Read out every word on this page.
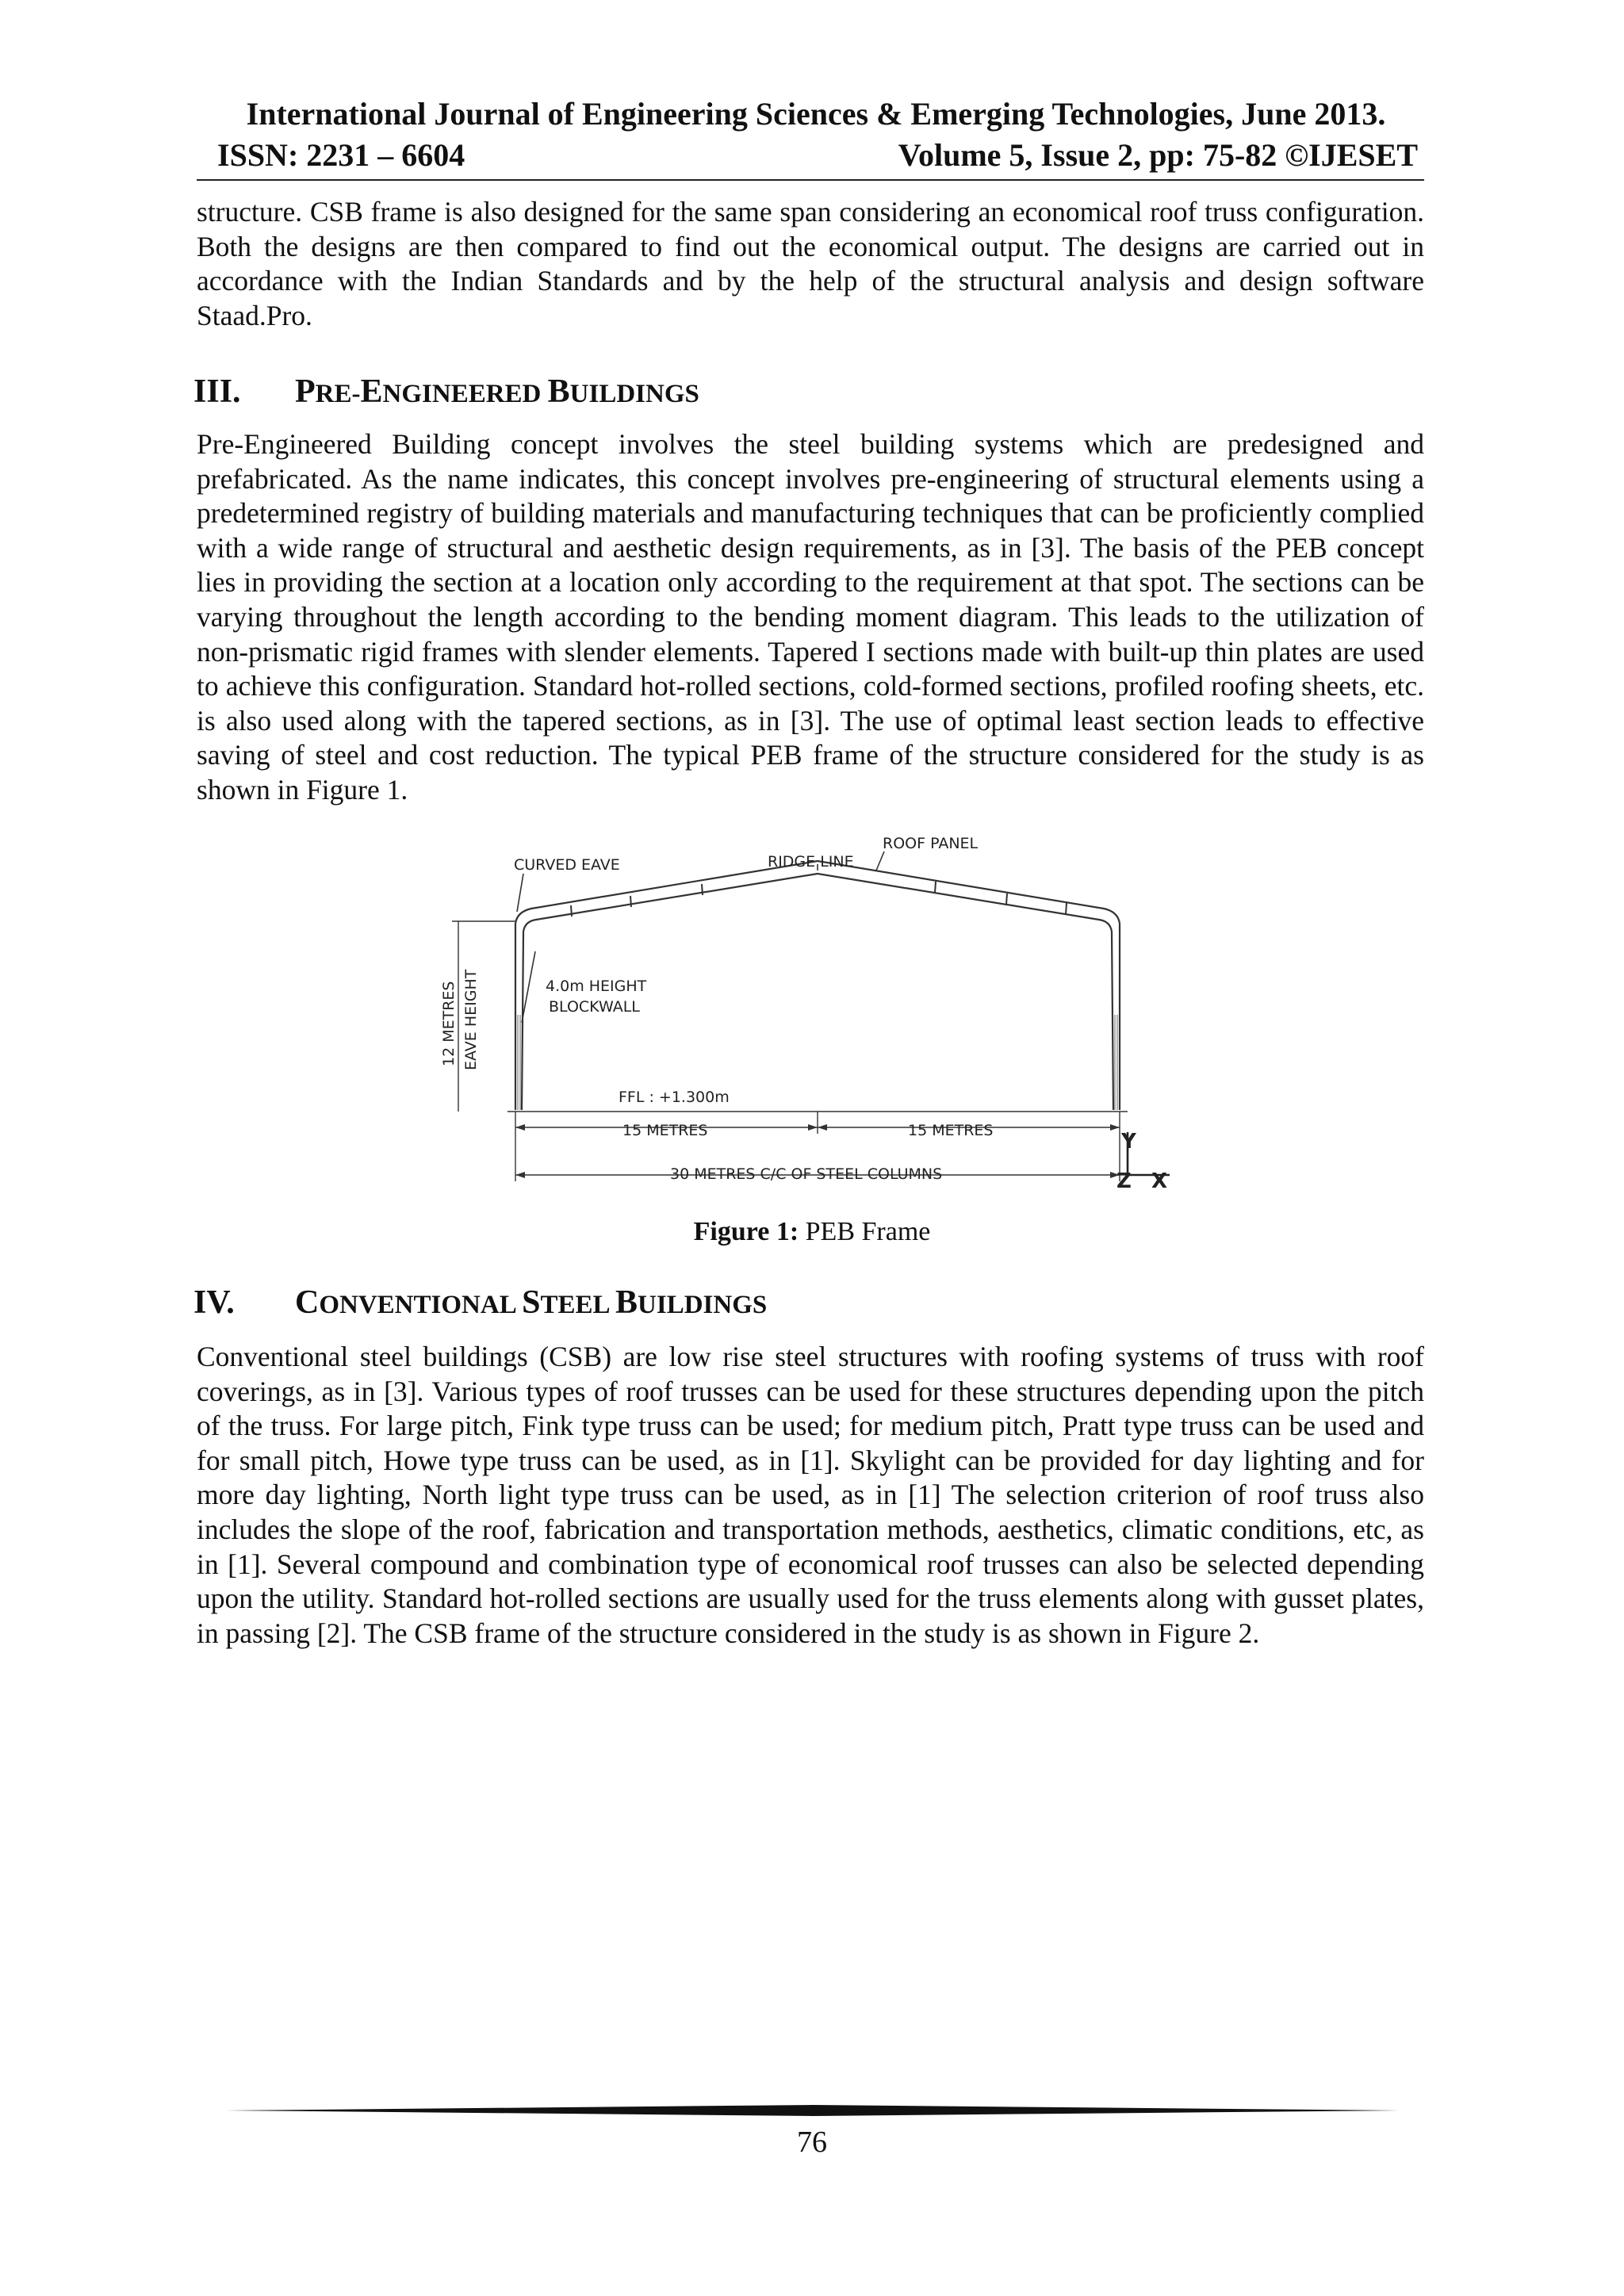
International Journal of Engineering Sciences & Emerging Technologies, June 2013.
ISSN: 2231 – 6604	Volume 5, Issue 2, pp: 75-82 ©IJESET

structure. CSB frame is also designed for the same span considering an economical roof truss configuration. Both the designs are then compared to find out the economical output. The designs are carried out in accordance with the Indian Standards and by the help of the structural analysis and design software Staad.Pro.

III.	PRE-ENGINEERED BUILDINGS

Pre-Engineered Building concept involves the steel building systems which are predesigned and prefabricated. As the name indicates, this concept involves pre-engineering of structural elements using a predetermined registry of building materials and manufacturing techniques that can be proficiently complied with a wide range of structural and aesthetic design requirements, as in [3]. The basis of the PEB concept lies in providing the section at a location only according to the requirement at that spot. The sections can be varying throughout the length according to the bending moment diagram. This leads to the utilization of non-prismatic rigid frames with slender elements. Tapered I sections made with built-up thin plates are used to achieve this configuration. Standard hot-rolled sections, cold-formed sections, profiled roofing sheets, etc. is also used along with the tapered sections, as in [3]. The use of optimal least section leads to effective saving of steel and cost reduction. The typical PEB frame of the structure considered for the study is as shown in Figure 1.

CURVED EAVE	RIDGE LINE
ROOF PANEL
4.0m HEIGHT
BLOCKWALL
12 METRES EAVE HEIGHT
FFL : +1.300m
15 METRES	15 METRES
30 METRES C/C OF STEEL COLUMNS
Y
Z X
Figure 1: PEB Frame
IV.	CONVENTIONAL STEEL BUILDINGS

Conventional steel buildings (CSB) are low rise steel structures with roofing systems of truss with roof coverings, as in [3]. Various types of roof trusses can be used for these structures depending upon the pitch of the truss. For large pitch, Fink type truss can be used; for medium pitch, Pratt type truss can be used and for small pitch, Howe type truss can be used, as in [1]. Skylight can be provided for day lighting and for more day lighting, North light type truss can be used, as in [1] The selection criterion of roof truss also includes the slope of the roof, fabrication and transportation methods, aesthetics, climatic conditions, etc, as in [1]. Several compound and combination type of economical roof trusses can also be selected depending upon the utility. Standard hot-rolled sections are usually used for the truss elements along with gusset plates, in passing [2]. The CSB frame of the structure considered in the study is as shown in Figure 2.

76
